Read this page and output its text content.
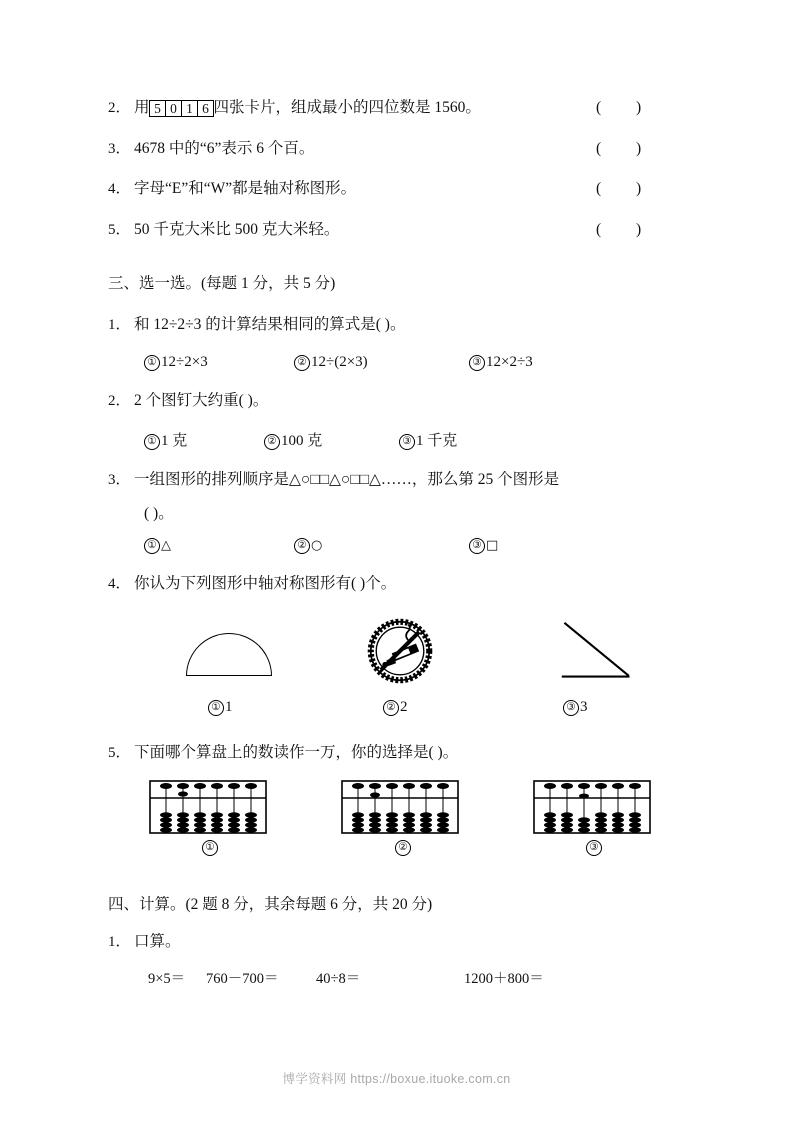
2． 用 5 0 1 6 四张卡片，组成最小的四位数是 1560。	( )
3． 4678 中的“6”表示 6 个百。	( )
4． 字母“E”和“W”都是轴对称图形。	( )
5． 50 千克大米比 500 克大米轻。	( )
三、选一选。(每题 1 分，共 5 分)
1． 和 12÷2÷3 的计算结果相同的算式是( )。
① 12÷2×3	② 12÷(2×3)	③ 12×2÷3
2． 2 个图钉大约重( )。
① 1 克	② 100 克	③ 1 千克
3． 一组图形的排列顺序是△○□□△○□□△……，那么第 25 个图形是
( )。
① △	② ○	③ □
4． 你认为下列图形中轴对称图形有( )个。
① 1	② 2	③ 3
5． 下面哪个算盘上的数读作一万，你的选择是( )。
①	②	③
四、计算。(2 题 8 分，其余每题 6 分，共 20 分)
1． 口算。
9×5＝ 760－700＝	40÷8＝	1200＋800＝
博学资料网 https://boxue.ituoke.com.cn
